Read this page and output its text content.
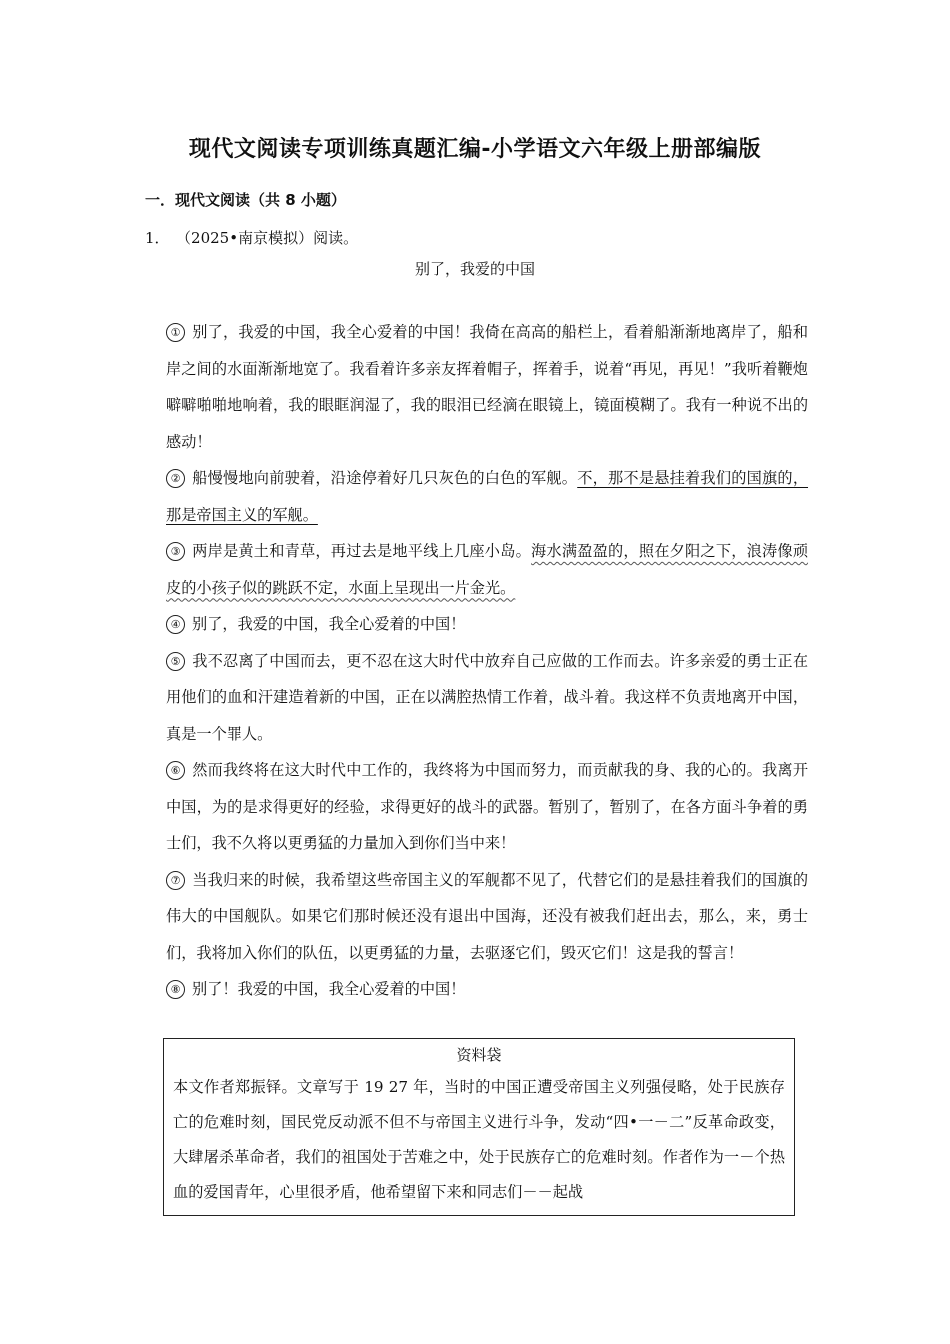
现代文阅读专项训练真题汇编-小学语文六年级上册部编版
一．现代文阅读（共 8 小题）
1． （2025•南京模拟）阅读。
别了，我爱的中国

① 别了，我爱的中国，我全心爱着的中国！我倚在高高的船栏上，看着船渐渐地离岸了，船和岸之间的水面渐渐地宽了。我看着许多亲友挥着帽子，挥着手，说着“再见，再见！”我听着鞭炮噼噼啪啪地响着，我的眼眶润湿了，我的眼泪已经滴在眼镜上，镜面模糊了。我有一种说不出的感动！

② 船慢慢地向前驶着，沿途停着好几只灰色的白色的军舰。不，那不是悬挂着我们的国旗的，那是帝国主义的军舰。

③ 两岸是黄土和青草，再过去是地平线上几座小岛。海水满盈盈的，照在夕阳之下，浪涛像顽皮的小孩子似的跳跃不定，水面上呈现出一片金光。

④ 别了，我爱的中国，我全心爱着的中国！

⑤ 我不忍离了中国而去，更不忍在这大时代中放弃自己应做的工作而去。许多亲爱的勇士正在用他们的血和汗建造着新的中国，正在以满腔热情工作着，战斗着。我这样不负责地离开中国，真是一个罪人。

⑥ 然而我终将在这大时代中工作的，我终将为中国而努力，而贡献我的身、我的心的。我离开中国，为的是求得更好的经验，求得更好的战斗的武器。暂别了，暂别了，在各方面斗争着的勇士们，我不久将以更勇猛的力量加入到你们当中来！

⑦ 当我归来的时候，我希望这些帝国主义的军舰都不见了，代替它们的是悬挂着我们的国旗的伟大的中国舰队。如果它们那时候还没有退出中国海，还没有被我们赶出去，那么，来，勇士们，我将加入你们的队伍，以更勇猛的力量，去驱逐它们，毁灭它们！这是我的誓言！

⑧ 别了！我爱的中国，我全心爱着的中国！

资料袋

本文作者郑振铎。文章写于 19 27 年，当时的中国正遭受帝国主义列强侵略，处于民族存亡的危难时刻，国民党反动派不但不与帝国主义进行斗争，发动“四•一－二”反革命政变，大肆屠杀革命者，我们的祖国处于苦难之中，处于民族存亡的危难时刻。作者作为一－个热血的爱国青年，心里很矛盾，他希望留下来和同志们－－起战
